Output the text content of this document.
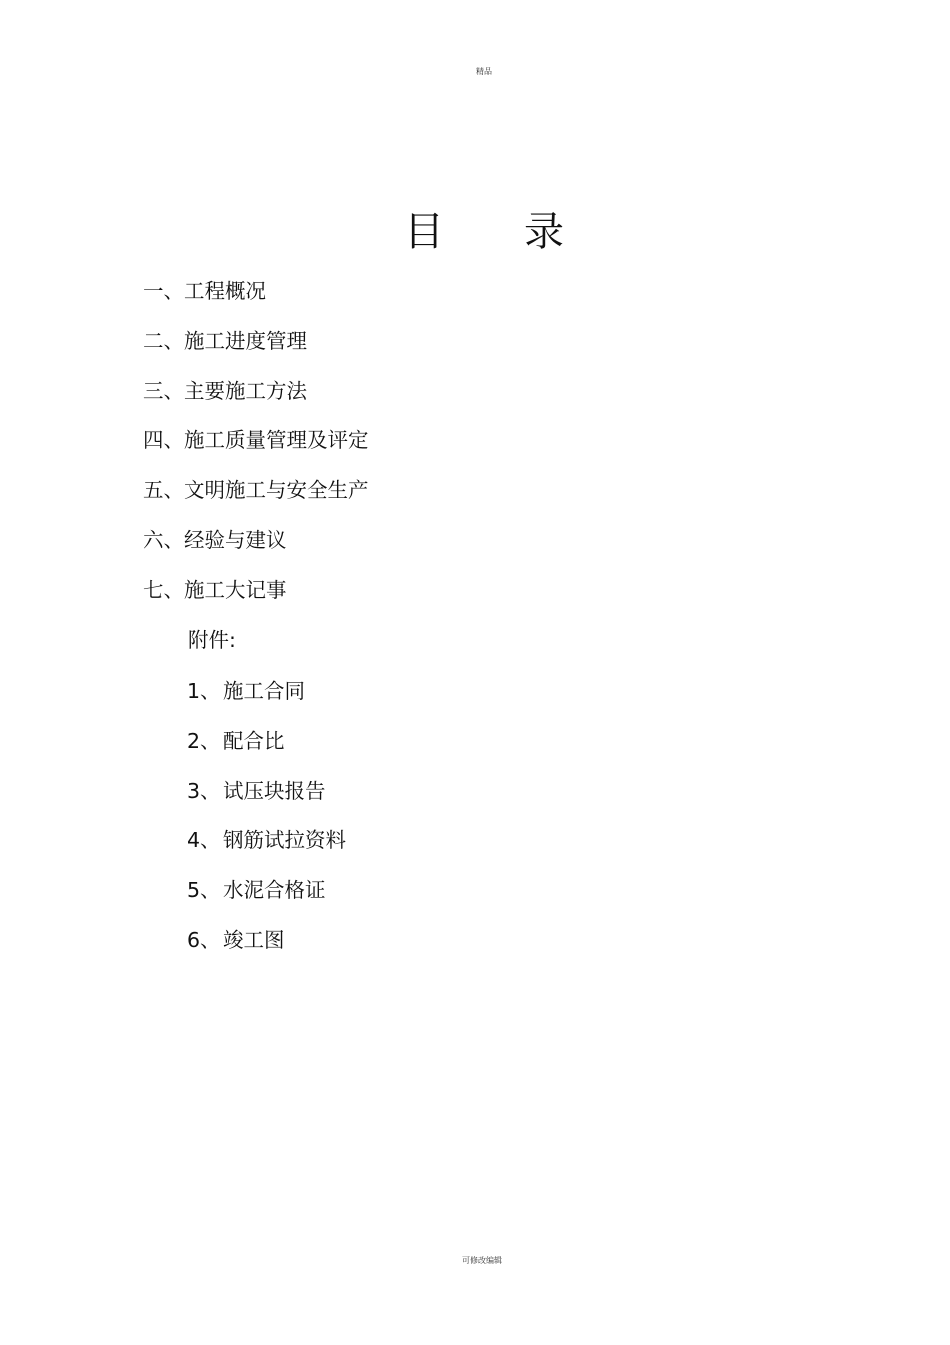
精品
目 录
一、工程概况
二、施工进度管理
三、主要施工方法
四、施工质量管理及评定
五、文明施工与安全生产
六、经验与建议
七、施工大记事
附件:
1、 施工合同
2、 配合比
3、 试压块报告
4、 钢筋试拉资料
5、 水泥合格证
6、 竣工图
可修改编辑
